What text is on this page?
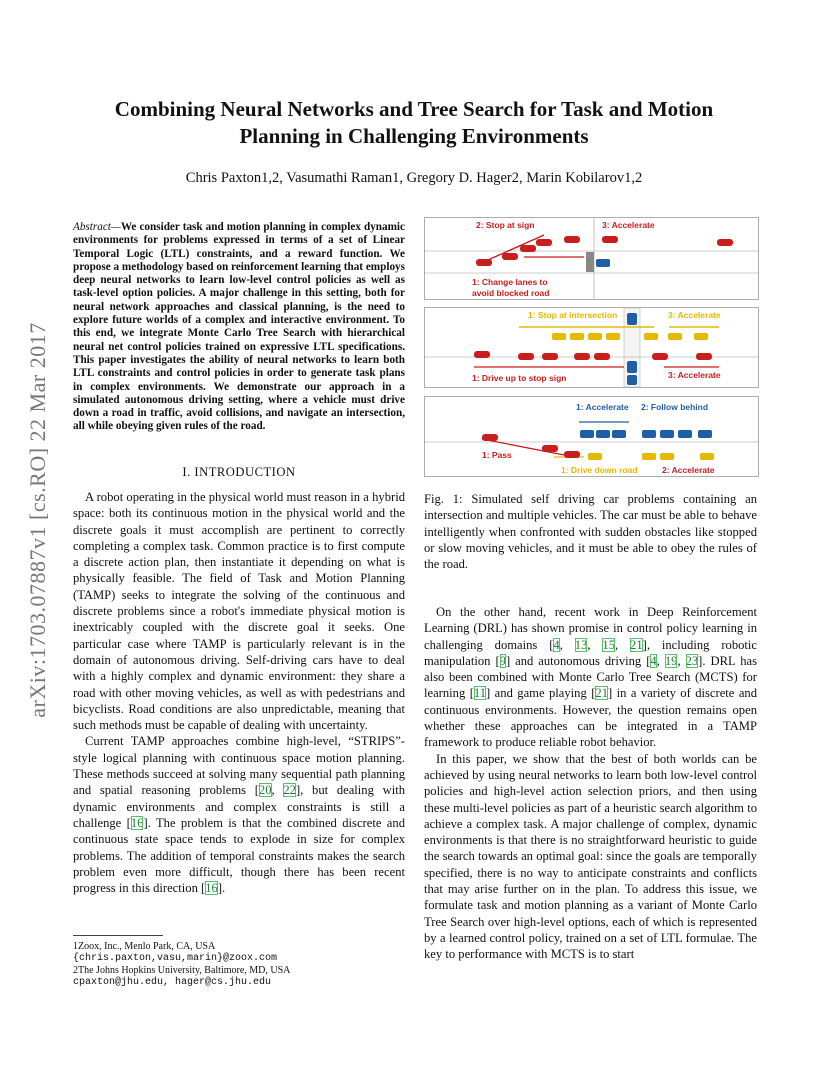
arXiv:1703.07887v1 [cs.RO] 22 Mar 2017
Combining Neural Networks and Tree Search for Task and Motion
Planning in Challenging Environments
Chris Paxton1,2, Vasumathi Raman1, Gregory D. Hager2, Marin Kobilarov1,2
Abstract—We consider task and motion planning in complex dynamic environments for problems expressed in terms of a set of Linear Temporal Logic (LTL) constraints, and a reward function. We propose a methodology based on reinforcement learning that employs deep neural networks to learn low-level control policies as well as task-level option policies. A major challenge in this setting, both for neural network approaches and classical planning, is the need to explore future worlds of a complex and interactive environment. To this end, we integrate Monte Carlo Tree Search with hierarchical neural net control policies trained on expressive LTL specifications. This paper investigates the ability of neural networks to learn both LTL constraints and control policies in order to generate task plans in complex environments. We demonstrate our approach in a simulated autonomous driving setting, where a vehicle must drive down a road in traffic, avoid collisions, and navigate an intersection, all while obeying given rules of the road.
I. INTRODUCTION

A robot operating in the physical world must reason in a hybrid space: both its continuous motion in the physical world and the discrete goals it must accomplish are pertinent to correctly completing a complex task. Common practice is to first compute a discrete action plan, then instantiate it depending on what is physically feasible. The field of Task and Motion Planning (TAMP) seeks to integrate the solving of the continuous and discrete problems since a robot's immediate physical motion is inextricably coupled with the discrete goal it seeks. One particular case where TAMP is particularly relevant is in the domain of autonomous driving. Self-driving cars have to deal with a highly complex and dynamic environment: they share a road with other moving vehicles, as well as with pedestrians and bicyclists. Road conditions are also unpredictable, meaning that such methods must be capable of dealing with uncertainty.

Current TAMP approaches combine high-level, “STRIPS”-style logical planning with continuous space motion planning. These methods succeed at solving many sequential path planning and spatial reasoning problems [20, 22], but dealing with dynamic environments and complex constraints is still a challenge [16]. The problem is that the combined discrete and continuous state space tends to explode in size for complex problems. The addition of temporal constraints makes the search problem even more difficult, though there has been recent progress in this direction [16].

1Zoox, Inc., Menlo Park, CA, USA
{chris.paxton,vasu,marin}@zoox.com
2The Johns Hopkins University, Baltimore, MD, USA
cpaxton@jhu.edu, hager@cs.jhu.edu
2: Stop at sign	3: Accelerate
1: Change lanes to
avoid blocked road
1: Stop at intersection	3: Accelerate
1: Drive up to stop sign	3: Accelerate
1: Accelerate 2: Follow behind
1: Pass
1: Drive down road	2: Accelerate
Fig. 1: Simulated self driving car problems containing an intersection and multiple vehicles. The car must be able to behave intelligently when confronted with sudden obstacles like stopped or slow moving vehicles, and it must be able to obey the rules of the road.

On the other hand, recent work in Deep Reinforcement Learning (DRL) has shown promise in control policy learning in challenging domains [4, 13, 15, 21], including robotic manipulation [9] and autonomous driving [4, 19, 23]. DRL has also been combined with Monte Carlo Tree Search (MCTS) for learning [11] and game playing [21] in a variety of discrete and continuous environments. However, the question remains open whether these approaches can be integrated in a TAMP framework to produce reliable robot behavior.

In this paper, we show that the best of both worlds can be achieved by using neural networks to learn both low-level control policies and high-level action selection priors, and then using these multi-level policies as part of a heuristic search algorithm to achieve a complex task. A major challenge of complex, dynamic environments is that there is no straightforward heuristic to guide the search towards an optimal goal: since the goals are temporally specified, there is no way to anticipate constraints and conflicts that may arise further on in the plan. To address this issue, we formulate task and motion planning as a variant of Monte Carlo Tree Search over high-level options, each of which is represented by a learned control policy, trained on a set of LTL formulae. The key to performance with MCTS is to start
